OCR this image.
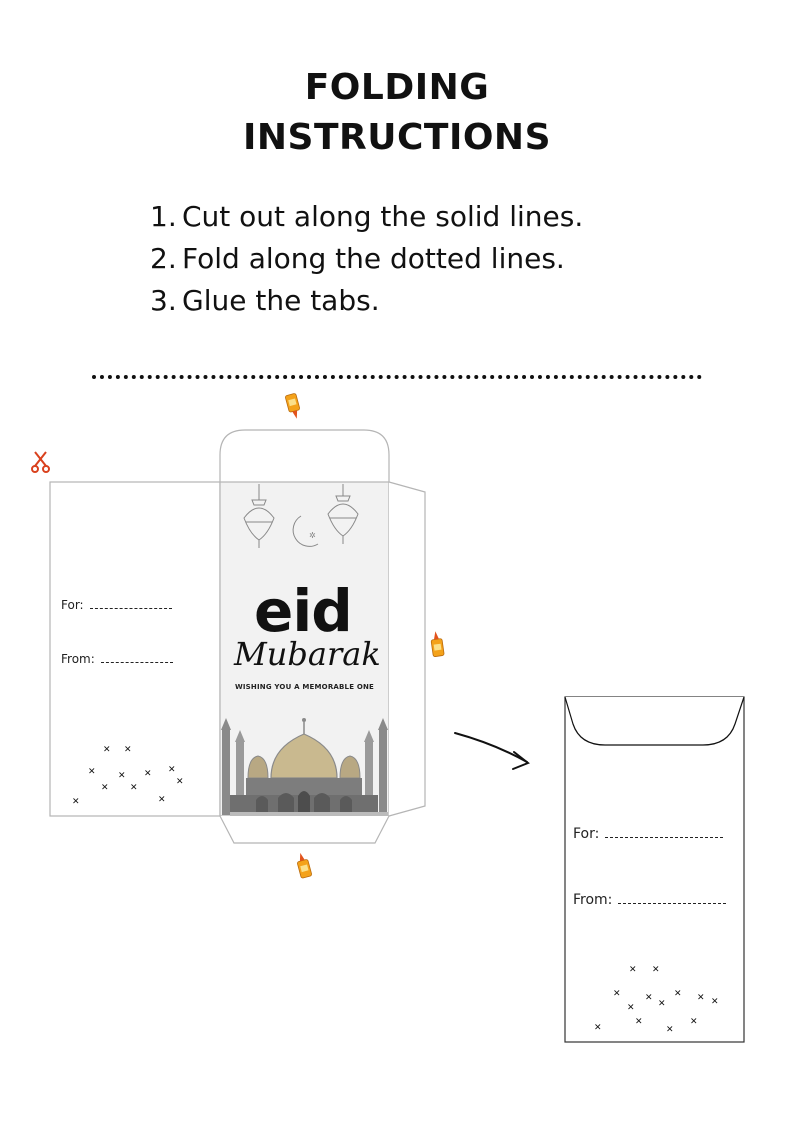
FOLDING
INSTRUCTIONS
1. Cut out along the solid lines.
2. Fold along the dotted lines.
3. Glue the tabs.
✲
✕ ✕
✕ ✕ ✕ ✕
✕ ✕
✕
✕	✕
✕ ✕
✕	✕ ✕ ✕ ✕
✕	✕
✕
✕
✕
✕
For:
From:
eid
Mubarak
WISHING YOU A MEMORABLE ONE
For:
From:
